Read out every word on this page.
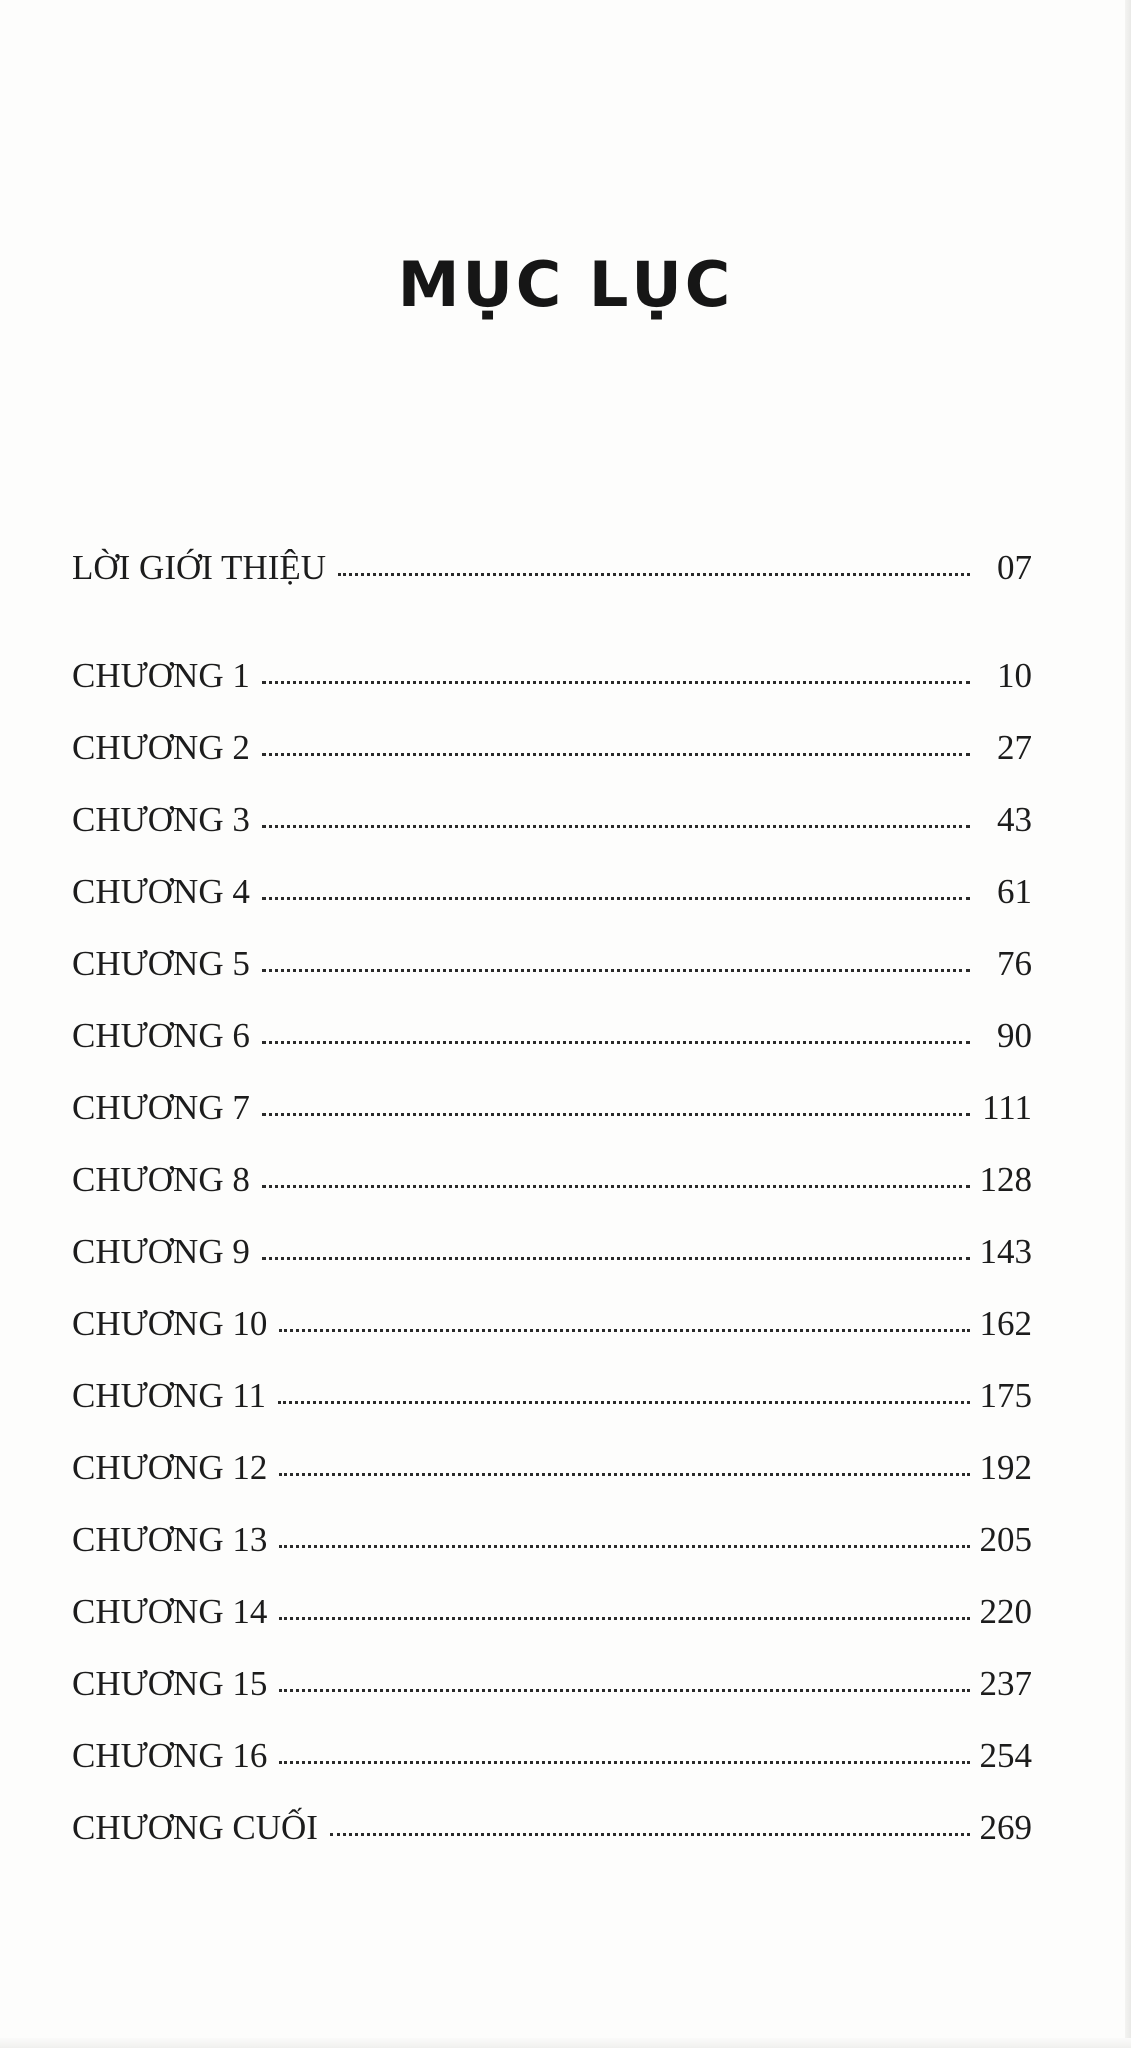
MỤC LỤC
LỜI GIỚI THIỆU	07
CHƯƠNG 1	10
CHƯƠNG 2	27
CHƯƠNG 3	43
CHƯƠNG 4	61
CHƯƠNG 5	76
CHƯƠNG 6	90
CHƯƠNG 7	111
CHƯƠNG 8	128
CHƯƠNG 9	143
CHƯƠNG 10	162
CHƯƠNG 11	175
CHƯƠNG 12	192
CHƯƠNG 13	205
CHƯƠNG 14	220
CHƯƠNG 15	237
CHƯƠNG 16	254
CHƯƠNG CUỐI	269
